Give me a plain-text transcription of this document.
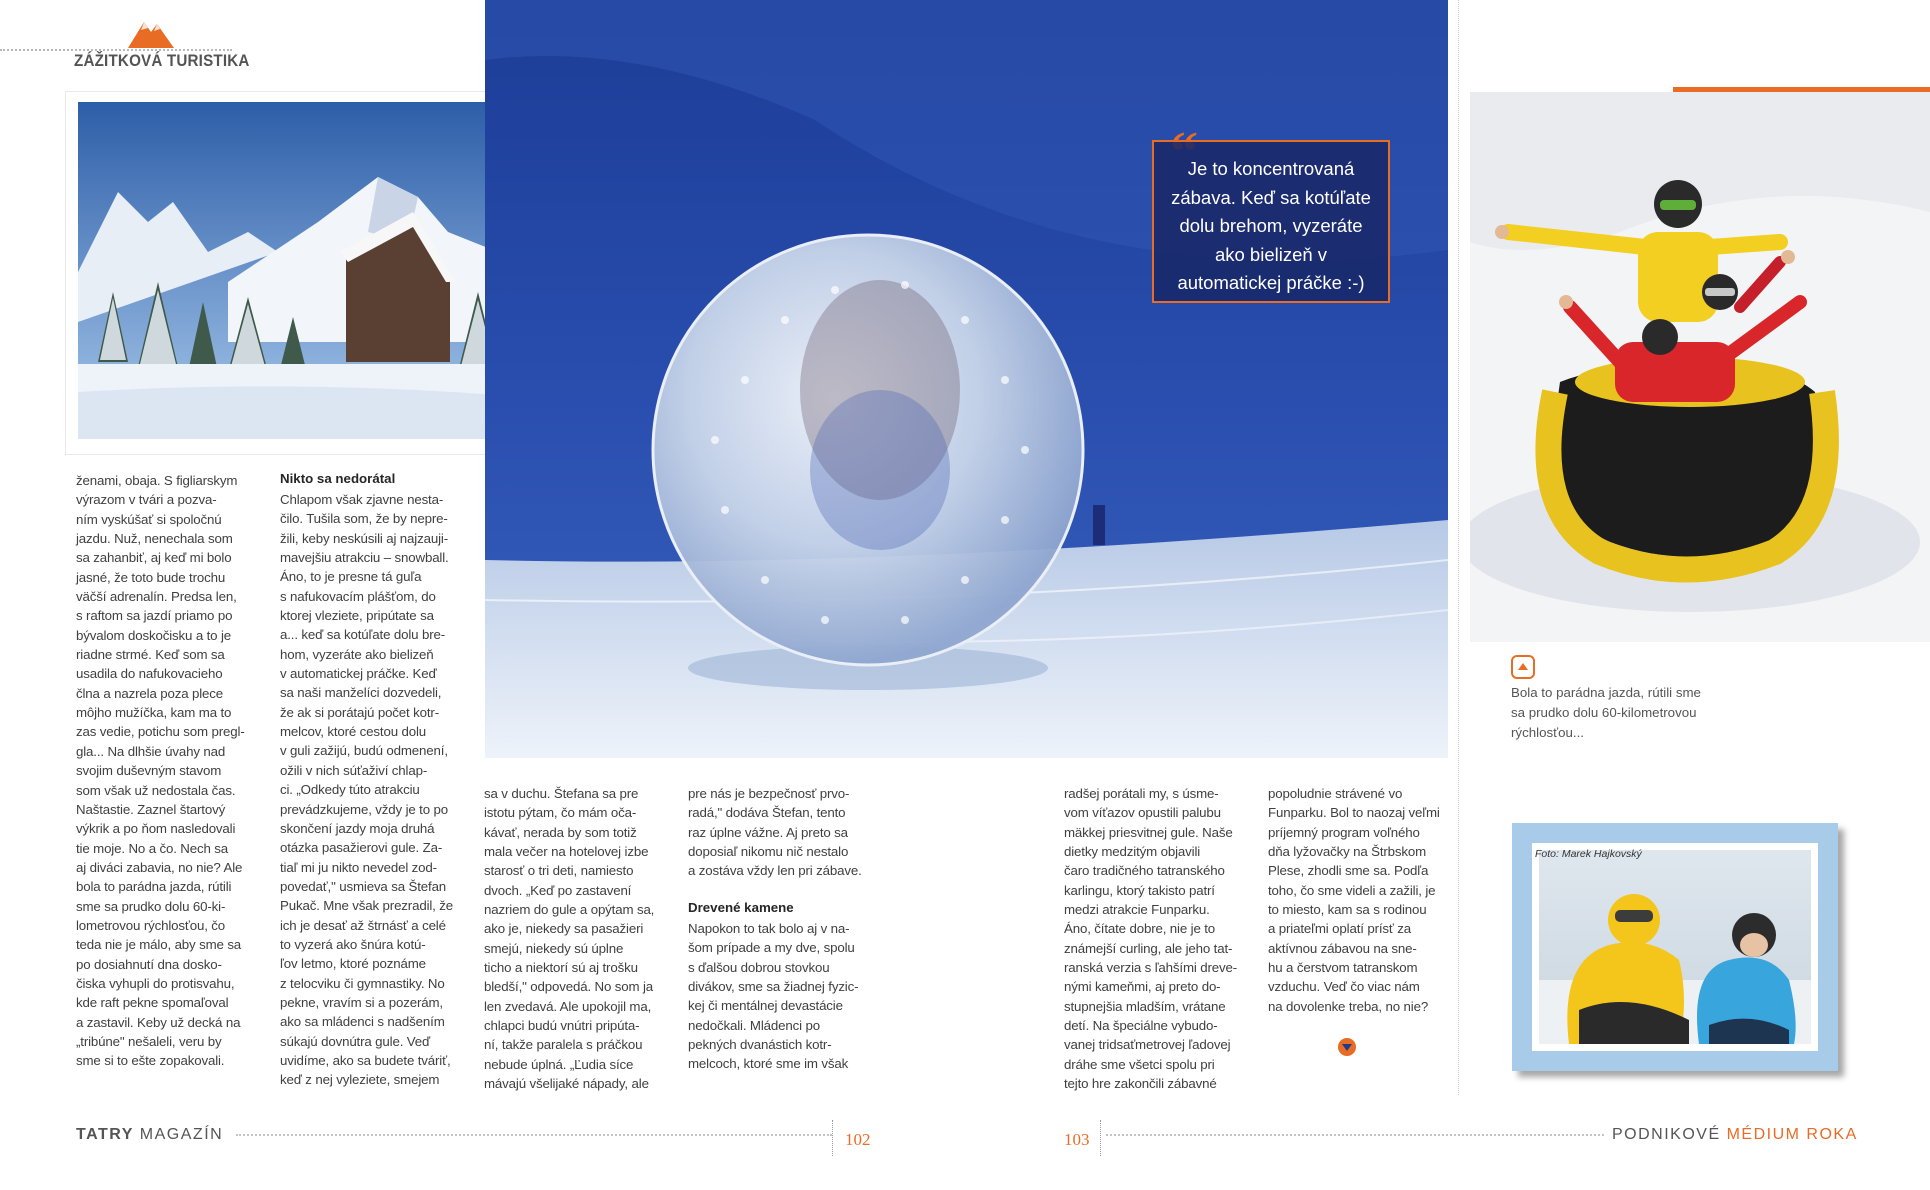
ZÁŽITKOVÁ TURISTIKA
Je to koncentrovaná zábava. Keď sa kotúľate dolu brehom, vyzeráte ako bielizeň v automatickej práčke :-)
ženami, obaja. S figliarskym
výrazom v tvári a pozva-
ním vyskúšať si spoločnú
jazdu. Nuž, nenechala som
sa zahanbiť, aj keď mi bolo
jasné, že toto bude trochu
väčší adrenalín. Predsa len,
s raftom sa jazdí priamo po
bývalom doskočisku a to je
riadne strmé. Keď som sa
usadila do nafukovacieho
člna a nazrela poza plece
môjho mužíčka, kam ma to
zas vedie, potichu som pregl-
gla... Na dlhšie úvahy nad
svojim duševným stavom
som však už nedostala čas.
Naštastie. Zaznel štartový
výkrik a po ňom nasledovali
tie moje. No a čo. Nech sa
aj diváci zabavia, no nie? Ale
bola to parádna jazda, rútili
sme sa prudko dolu 60-ki-
lometrovou rýchlosťou, čo
teda nie je málo, aby sme sa
po dosiahnutí dna dosko-
čiska vyhupli do protisvahu,
kde raft pekne spomaľoval
a zastavil. Keby už decká na
„tribúne" nešaleli, veru by
sme si to ešte zopakovali.
Nikto sa nedorátal
Chlapom však zjavne nesta-
čilo. Tušila som, že by nepre-
žili, keby neskúsili aj najzauji-
mavejšiu atrakciu – snowball.
Áno, to je presne tá guľa
s nafukovacím plášťom, do
ktorej vleziete, pripútate sa
a... keď sa kotúľate dolu bre-
hom, vyzeráte ako bielizeň
v automatickej práčke. Keď
sa naši manželíci dozvedeli,
že ak si porátajú počet kotr-
melcov, ktoré cestou dolu
v guli zažijú, budú odmenení,
ožili v nich súťaživí chlap-
ci. „Odkedy túto atrakciu
prevádzkujeme, vždy je to po
skončení jazdy moja druhá
otázka pasažierovi gule. Za-
tiaľ mi ju nikto nevedel zod-
povedať," usmieva sa Štefan
Pukač. Mne však prezradil, že
ich je desať až štrnásť a celé
to vyzerá ako šnúra kotú-
ľov letmo, ktoré poznáme
z telocviku či gymnastiky. No
pekne, vravím si a pozerám,
ako sa mládenci s nadšením
súkajú dovnútra gule. Veď
uvidíme, ako sa budete tváriť,
keď z nej vyleziete, smejem
sa v duchu. Štefana sa pre
istotu pýtam, čo mám oča-
kávať, nerada by som totiž
mala večer na hotelovej izbe
starosť o tri deti, namiesto
dvoch. „Keď po zastavení
nazriem do gule a opýtam sa,
ako je, niekedy sa pasažieri
smejú, niekedy sú úplne
ticho a niektorí sú aj trošku
bledší," odpovedá. No som ja
len zvedavá. Ale upokojil ma,
chlapci budú vnútri pripúta-
ní, takže paralela s práčkou
nebude úplná. „Ľudia síce
mávajú všelijaké nápady, ale
pre nás je bezpečnosť prvo-
radá," dodáva Štefan, tento
raz úplne vážne. Aj preto sa
doposiaľ nikomu nič nestalo
a zostáva vždy len pri zábave.
Drevené kamene
Napokon to tak bolo aj v na-
šom prípade a my dve, spolu
s ďalšou dobrou stovkou
divákov, sme sa žiadnej fyzic-
kej či mentálnej devastácie
nedočkali. Mládenci po
pekných dvanástich kotr-
melcoch, ktoré sme im však
radšej porátali my, s úsme-
vom víťazov opustili palubu
mäkkej priesvitnej gule. Naše
dietky medzitým objavili
čaro tradičného tatranského
karlingu, ktorý takisto patrí
medzi atrakcie Funparku.
Áno, čítate dobre, nie je to
známejší curling, ale jeho tat-
ranská verzia s ľahšími dreve-
nými kameňmi, aj preto do-
stupnejšia mladším, vrátane
detí. Na špeciálne vybudo-
vanej tridsaťmetrovej ľadovej
dráhe sme všetci spolu pri
tejto hre zakončili zábavné
popoludnie strávené vo
Funparku. Bol to naozaj veľmi
príjemný program voľného
dňa lyžovačky na Štrbskom
Plese, zhodli sme sa. Podľa
toho, čo sme videli a zažili, je
to miesto, kam sa s rodinou
a priateľmi oplatí prísť za
aktívnou zábavou na sne-
hu a čerstvom tatranskom
vzduchu. Veď čo viac nám
na dovolenke treba, no nie?
Bola to parádna jazda, rútili sme
sa prudko dolu 60-kilometrovou
rýchlosťou...
Foto: Marek Hajkovský
TATRY MAGAZÍN	102	103	PODNIKOVÉ MÉDIUM ROKA
